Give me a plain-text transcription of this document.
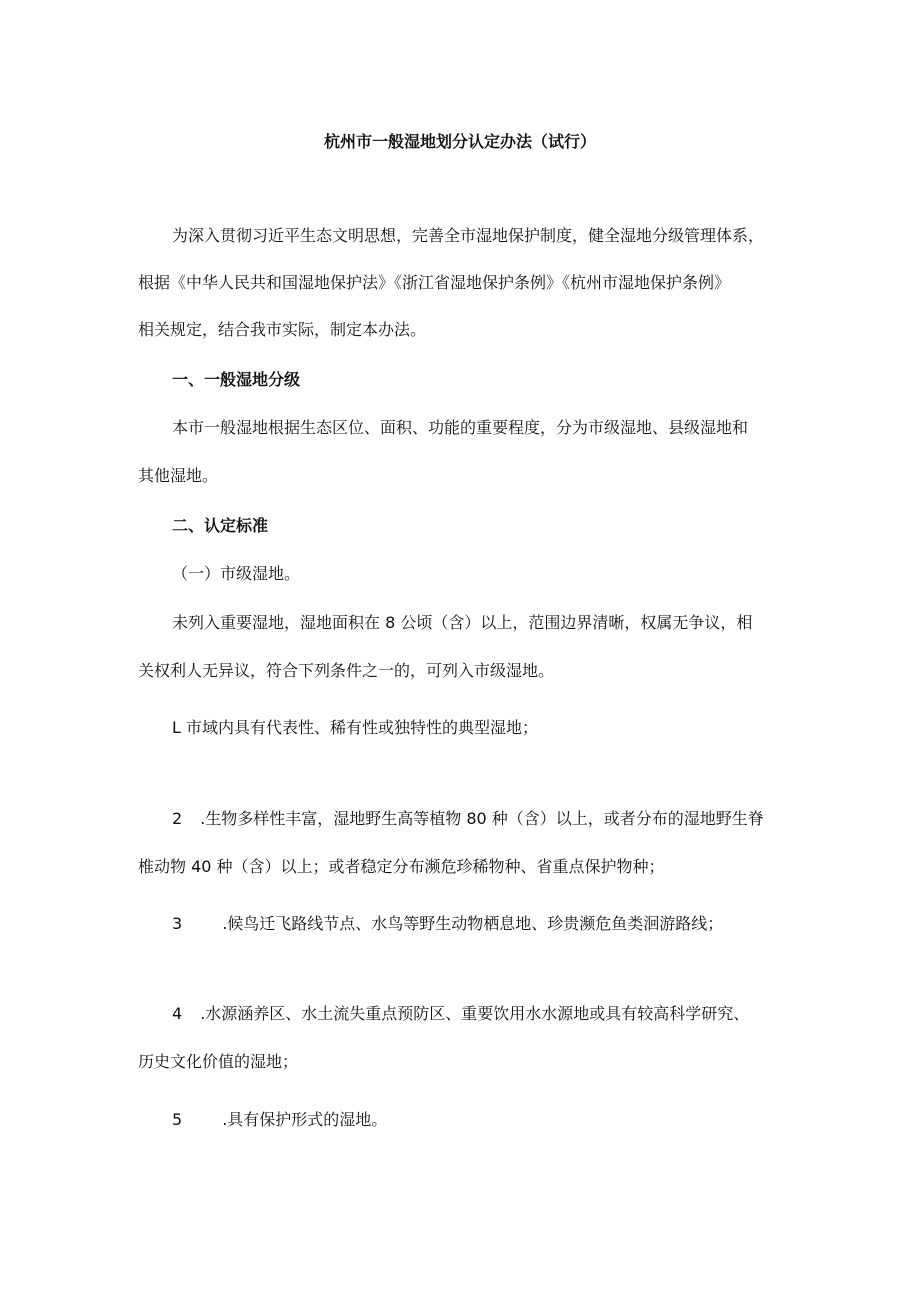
杭州市一般湿地划分认定办法（试行）
为深入贯彻习近平生态文明思想，完善全市湿地保护制度，健全湿地分级管理体系，
根据《中华人民共和国湿地保护法》《浙江省湿地保护条例》《杭州市湿地保护条例》
相关规定，结合我市实际，制定本办法。
一、一般湿地分级
本市一般湿地根据生态区位、面积、功能的重要程度，分为市级湿地、县级湿地和
其他湿地。
二、认定标准
（一）市级湿地。
未列入重要湿地，湿地面积在 8 公顷（含）以上，范围边界清晰，权属无争议，相
关权利人无异议，符合下列条件之一的，可列入市级湿地。
L 市域内具有代表性、稀有性或独特性的典型湿地；
2 .生物多样性丰富，湿地野生高等植物 80 种（含）以上，或者分布的湿地野生脊
椎动物 40 种（含）以上；或者稳定分布濒危珍稀物种、省重点保护物种；
3	.候鸟迁飞路线节点、水鸟等野生动物栖息地、珍贵濒危鱼类洄游路线；
4 .水源涵养区、水土流失重点预防区、重要饮用水水源地或具有较高科学研究、
历史文化价值的湿地；
5	.具有保护形式的湿地。
